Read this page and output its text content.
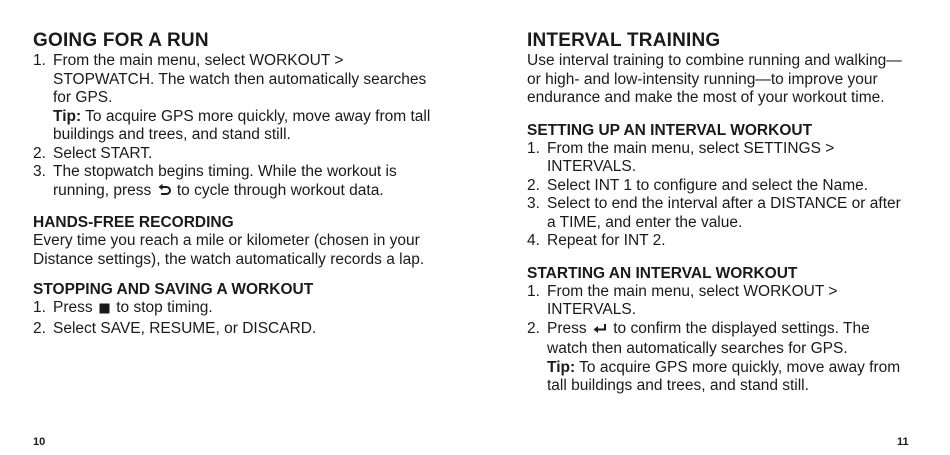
GOING FOR A RUN
1. From the main menu, select WORKOUT > STOPWATCH. The watch then automatically searches for GPS.
Tip: To acquire GPS more quickly, move away from tall buildings and trees, and stand still.
2. Select START.
3. The stopwatch begins timing. While the workout is running, press to cycle through workout data.
HANDS-FREE RECORDING

Every time you reach a mile or kilometer (chosen in your Distance settings), the watch automatically records a lap.

STOPPING AND SAVING A WORKOUT
1. Press to stop timing.
2. Select SAVE, RESUME, or DISCARD.
10
INTERVAL TRAINING

Use interval training to combine running and walking—or high- and low-intensity running—to improve your endurance and make the most of your workout time.

SETTING UP AN INTERVAL WORKOUT
1. From the main menu, select SETTINGS > INTERVALS.
2. Select INT 1 to configure and select the Name.
3. Select to end the interval after a DISTANCE or after a TIME, and enter the value.
4. Repeat for INT 2.
STARTING AN INTERVAL WORKOUT
1. From the main menu, select WORKOUT > INTERVALS.
2. Press to confirm the displayed settings. The watch then automatically searches for GPS.
Tip: To acquire GPS more quickly, move away from tall buildings and trees, and stand still.
11
